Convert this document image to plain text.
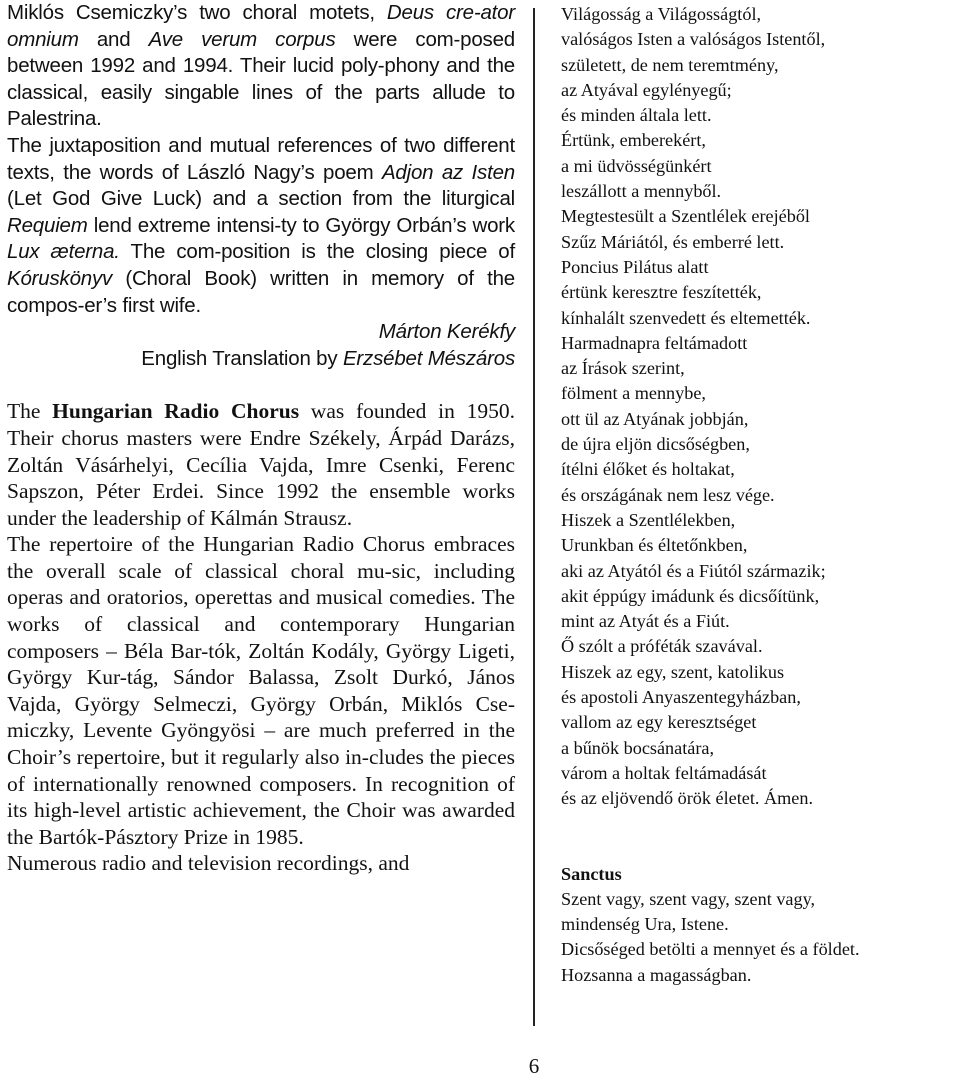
Miklós Csemiczky’s two choral motets, Deus cre-ator omnium and Ave verum corpus were com-posed between 1992 and 1994. Their lucid poly-phony and the classical, easily singable lines of the parts allude to Palestrina.

The juxtaposition and mutual references of two different texts, the words of László Nagy’s poem Adjon az Isten (Let God Give Luck) and a section from the liturgical Requiem lend extreme intensi-ty to György Orbán’s work Lux æterna. The com-position is the closing piece of Kóruskönyv (Choral Book) written in memory of the compos-er’s first wife.

Márton Kerékfy

English Translation by Erzsébet Mészáros

The Hungarian Radio Chorus was founded in 1950. Their chorus masters were Endre Székely, Árpád Darázs, Zoltán Vásárhelyi, Cecília Vajda, Imre Csenki, Ferenc Sapszon, Péter Erdei. Since 1992 the ensemble works under the leadership of Kálmán Strausz.

The repertoire of the Hungarian Radio Chorus embraces the overall scale of classical choral mu-sic, including operas and oratorios, operettas and musical comedies. The works of classical and contemporary Hungarian composers – Béla Bar-tók, Zoltán Kodály, György Ligeti, György Kur-tág, Sándor Balassa, Zsolt Durkó, János Vajda, György Selmeczi, György Orbán, Miklós Cse-miczky, Levente Gyöngyösi – are much preferred in the Choir’s repertoire, but it regularly also in-cludes the pieces of internationally renowned composers. In recognition of its high-level artistic achievement, the Choir was awarded the Bartók-Pásztory Prize in 1985.

Numerous radio and television recordings, and

Világosság a Világosságtól,
valóságos Isten a valóságos Istentől,
született, de nem teremtmény,
az Atyával egylényegű;
és minden általa lett.
Értünk, emberekért,
a mi üdvösségünkért
leszállott a mennyből.
Megtestesült a Szentlélek erejéből
Szűz Máriától, és emberré lett.
Poncius Pilátus alatt
értünk keresztre feszítették,
kínhalált szenvedett és eltemették.
Harmadnapra feltámadott
az Írások szerint,
fölment a mennybe,
ott ül az Atyának jobbján,
de újra eljön dicsőségben,
ítélni élőket és holtakat,
és országának nem lesz vége.
Hiszek a Szentlélekben,
Urunkban és éltetőnkben,
aki az Atyától és a Fiútól származik;
akit éppúgy imádunk és dicsőítünk,
mint az Atyát és a Fiút.
Ő szólt a próféták szavával.
Hiszek az egy, szent, katolikus
és apostoli Anyaszentegyházban,
vallom az egy keresztséget
a bűnök bocsánatára,
várom a holtak feltámadását
és az eljövendő örök életet. Ámen.
Sanctus
Szent vagy, szent vagy, szent vagy,
mindenség Ura, Istene.
Dicsőséged betölti a mennyet és a földet.
Hozsanna a magasságban.
6
